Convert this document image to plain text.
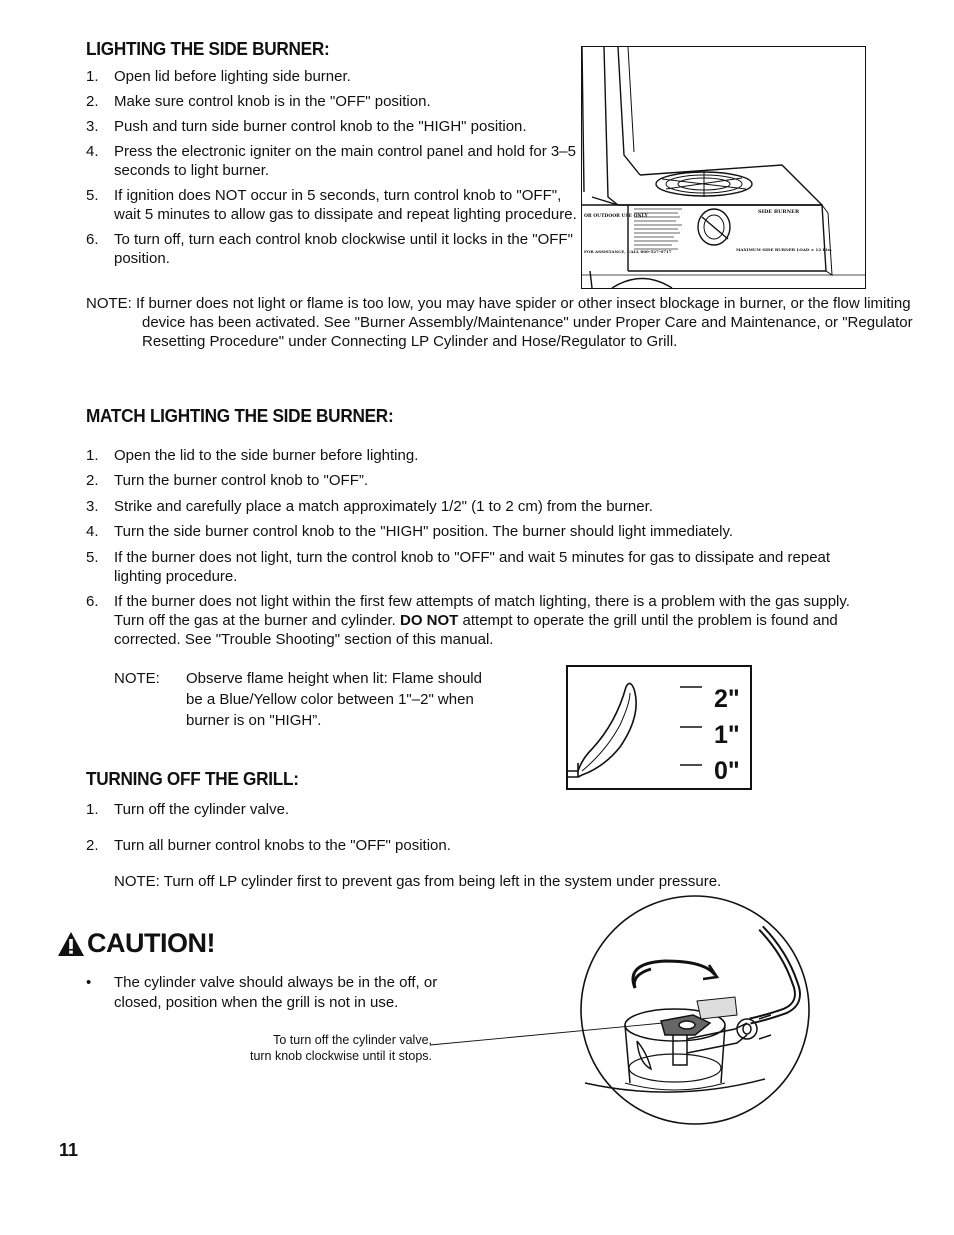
LIGHTING THE SIDE BURNER:
1. Open lid before lighting side burner.
2. Make sure control knob is in the "OFF" position.
3. Push and turn side burner control knob to the "HIGH" position.
4. Press the electronic igniter on the main control panel and hold for 3–5 seconds to light burner.
5. If ignition does NOT occur in 5 seconds, turn control knob to "OFF", wait 5 minutes to allow gas to dissipate and repeat lighting procedure.
6. To turn off, turn each control knob clockwise until it locks in the "OFF" position.
NOTE: If burner does not light or flame is too low, you may have spider or other insect blockage in burner, or the flow limiting device has been activated. See "Burner Assembly/Maintenance" under Proper Care and Maintenance, or "Regulator Resetting Procedure" under Connecting LP Cylinder and Hose/Regulator to Grill.
OR OUTDOOR USE ONLY
FOR ASSISTANCE, CALL 800-527-0717
SIDE BURNER
MAXIMUM SIDE BURNER LOAD = 12 Btu.
MATCH LIGHTING THE SIDE BURNER:
1. Open the lid to the side burner before lighting.
2. Turn the burner control knob to "OFF”.
3. Strike and carefully place a match approximately 1/2" (1 to 2 cm) from the burner.
4. Turn the side burner control knob to the "HIGH" position. The burner should light immediately.
5. If the burner does not light, turn the control knob to "OFF" and wait 5 minutes for gas to dissipate and repeat lighting procedure.
6. If the burner does not light within the first few attempts of match lighting, there is a problem with the gas supply. Turn off the gas at the burner and cylinder. DO NOT attempt to operate the grill until the problem is found and corrected. See "Trouble Shooting" section of this manual.
NOTE:	Observe flame height when lit: Flame should be a Blue/Yellow color between 1"–2" when burner is on "HIGH”.
2"
1"
0"
TURNING OFF THE GRILL:
1. Turn off the cylinder valve.
2. Turn all burner control knobs to the "OFF" position.
NOTE: Turn off LP cylinder first to prevent gas from being left in the system under pressure.
CAUTION!
• The cylinder valve should always be in the off, or closed, position when the grill is not in use.
To turn off the cylinder valve,
turn knob clockwise until it stops.
11
